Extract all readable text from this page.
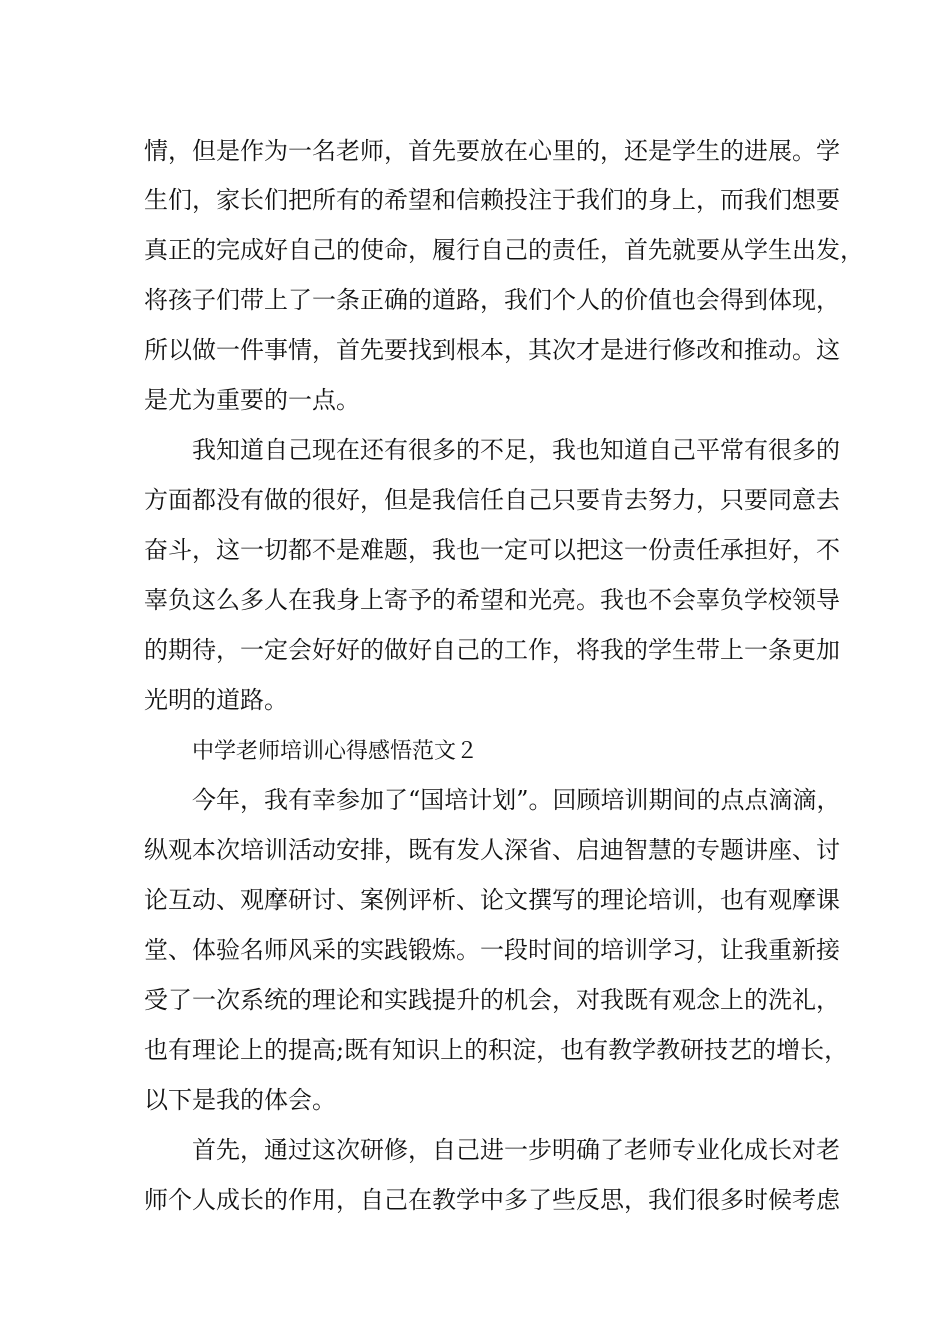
情，但是作为一名老师，首先要放在心里的，还是学生的进展。学
生们，家长们把所有的希望和信赖投注于我们的身上，而我们想要
真正的完成好自己的使命，履行自己的责任，首先就要从学生出发，
将孩子们带上了一条正确的道路，我们个人的价值也会得到体现，
所以做一件事情，首先要找到根本，其次才是进行修改和推动。这
是尤为重要的一点。
我知道自己现在还有很多的不足，我也知道自己平常有很多的
方面都没有做的很好，但是我信任自己只要肯去努力，只要同意去
奋斗，这一切都不是难题，我也一定可以把这一份责任承担好，不
辜负这么多人在我身上寄予的希望和光亮。我也不会辜负学校领导
的期待，一定会好好的做好自己的工作，将我的学生带上一条更加
光明的道路。
中学老师培训心得感悟范文２
今年，我有幸参加了“国培计划”。回顾培训期间的点点滴滴，
纵观本次培训活动安排，既有发人深省、启迪智慧的专题讲座、讨
论互动、观摩研讨、案例评析、论文撰写的理论培训，也有观摩课
堂、体验名师风采的实践锻炼。一段时间的培训学习，让我重新接
受了一次系统的理论和实践提升的机会，对我既有观念上的洗礼，
也有理论上的提高;既有知识上的积淀，也有教学教研技艺的增长，
以下是我的体会。
首先，通过这次研修，自己进一步明确了老师专业化成长对老
师个人成长的作用，自己在教学中多了些反思，我们很多时候考虑
